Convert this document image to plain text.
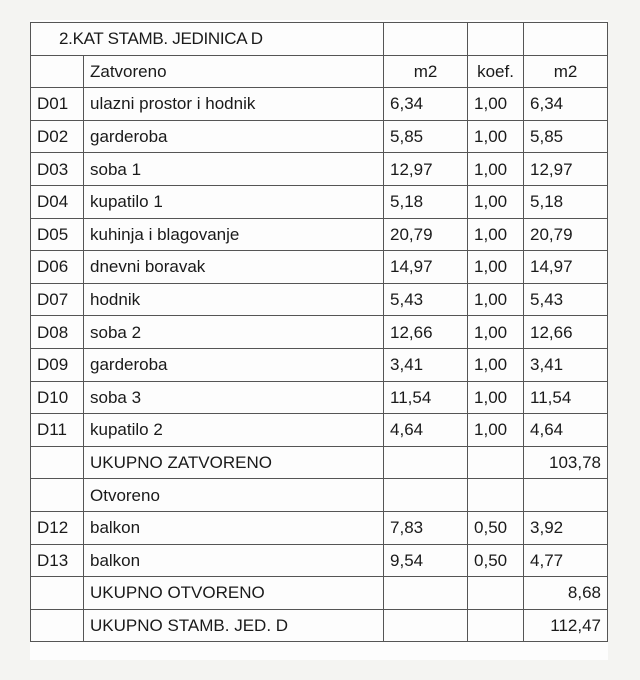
2.KAT STAMB. JEDINICA D				
	Zatvoreno	m2	koef.	m2
D01	ulazni prostor i hodnik	6,34	1,00	6,34
D02	garderoba	5,85	1,00	5,85
D03	soba 1	12,97	1,00	12,97
D04	kupatilo 1	5,18	1,00	5,18
D05	kuhinja i blagovanje	20,79	1,00	20,79
D06	dnevni boravak	14,97	1,00	14,97
D07	hodnik	5,43	1,00	5,43
D08	soba 2	12,66	1,00	12,66
D09	garderoba	3,41	1,00	3,41
D10	soba 3	11,54	1,00	11,54
D11	kupatilo 2	4,64	1,00	4,64
	UKUPNO ZATVORENO			103,78
	Otvoreno			
D12	balkon	7,83	0,50	3,92
D13	balkon	9,54	0,50	4,77
	UKUPNO OTVORENO			8,68
	UKUPNO STAMB. JED. D			112,47
